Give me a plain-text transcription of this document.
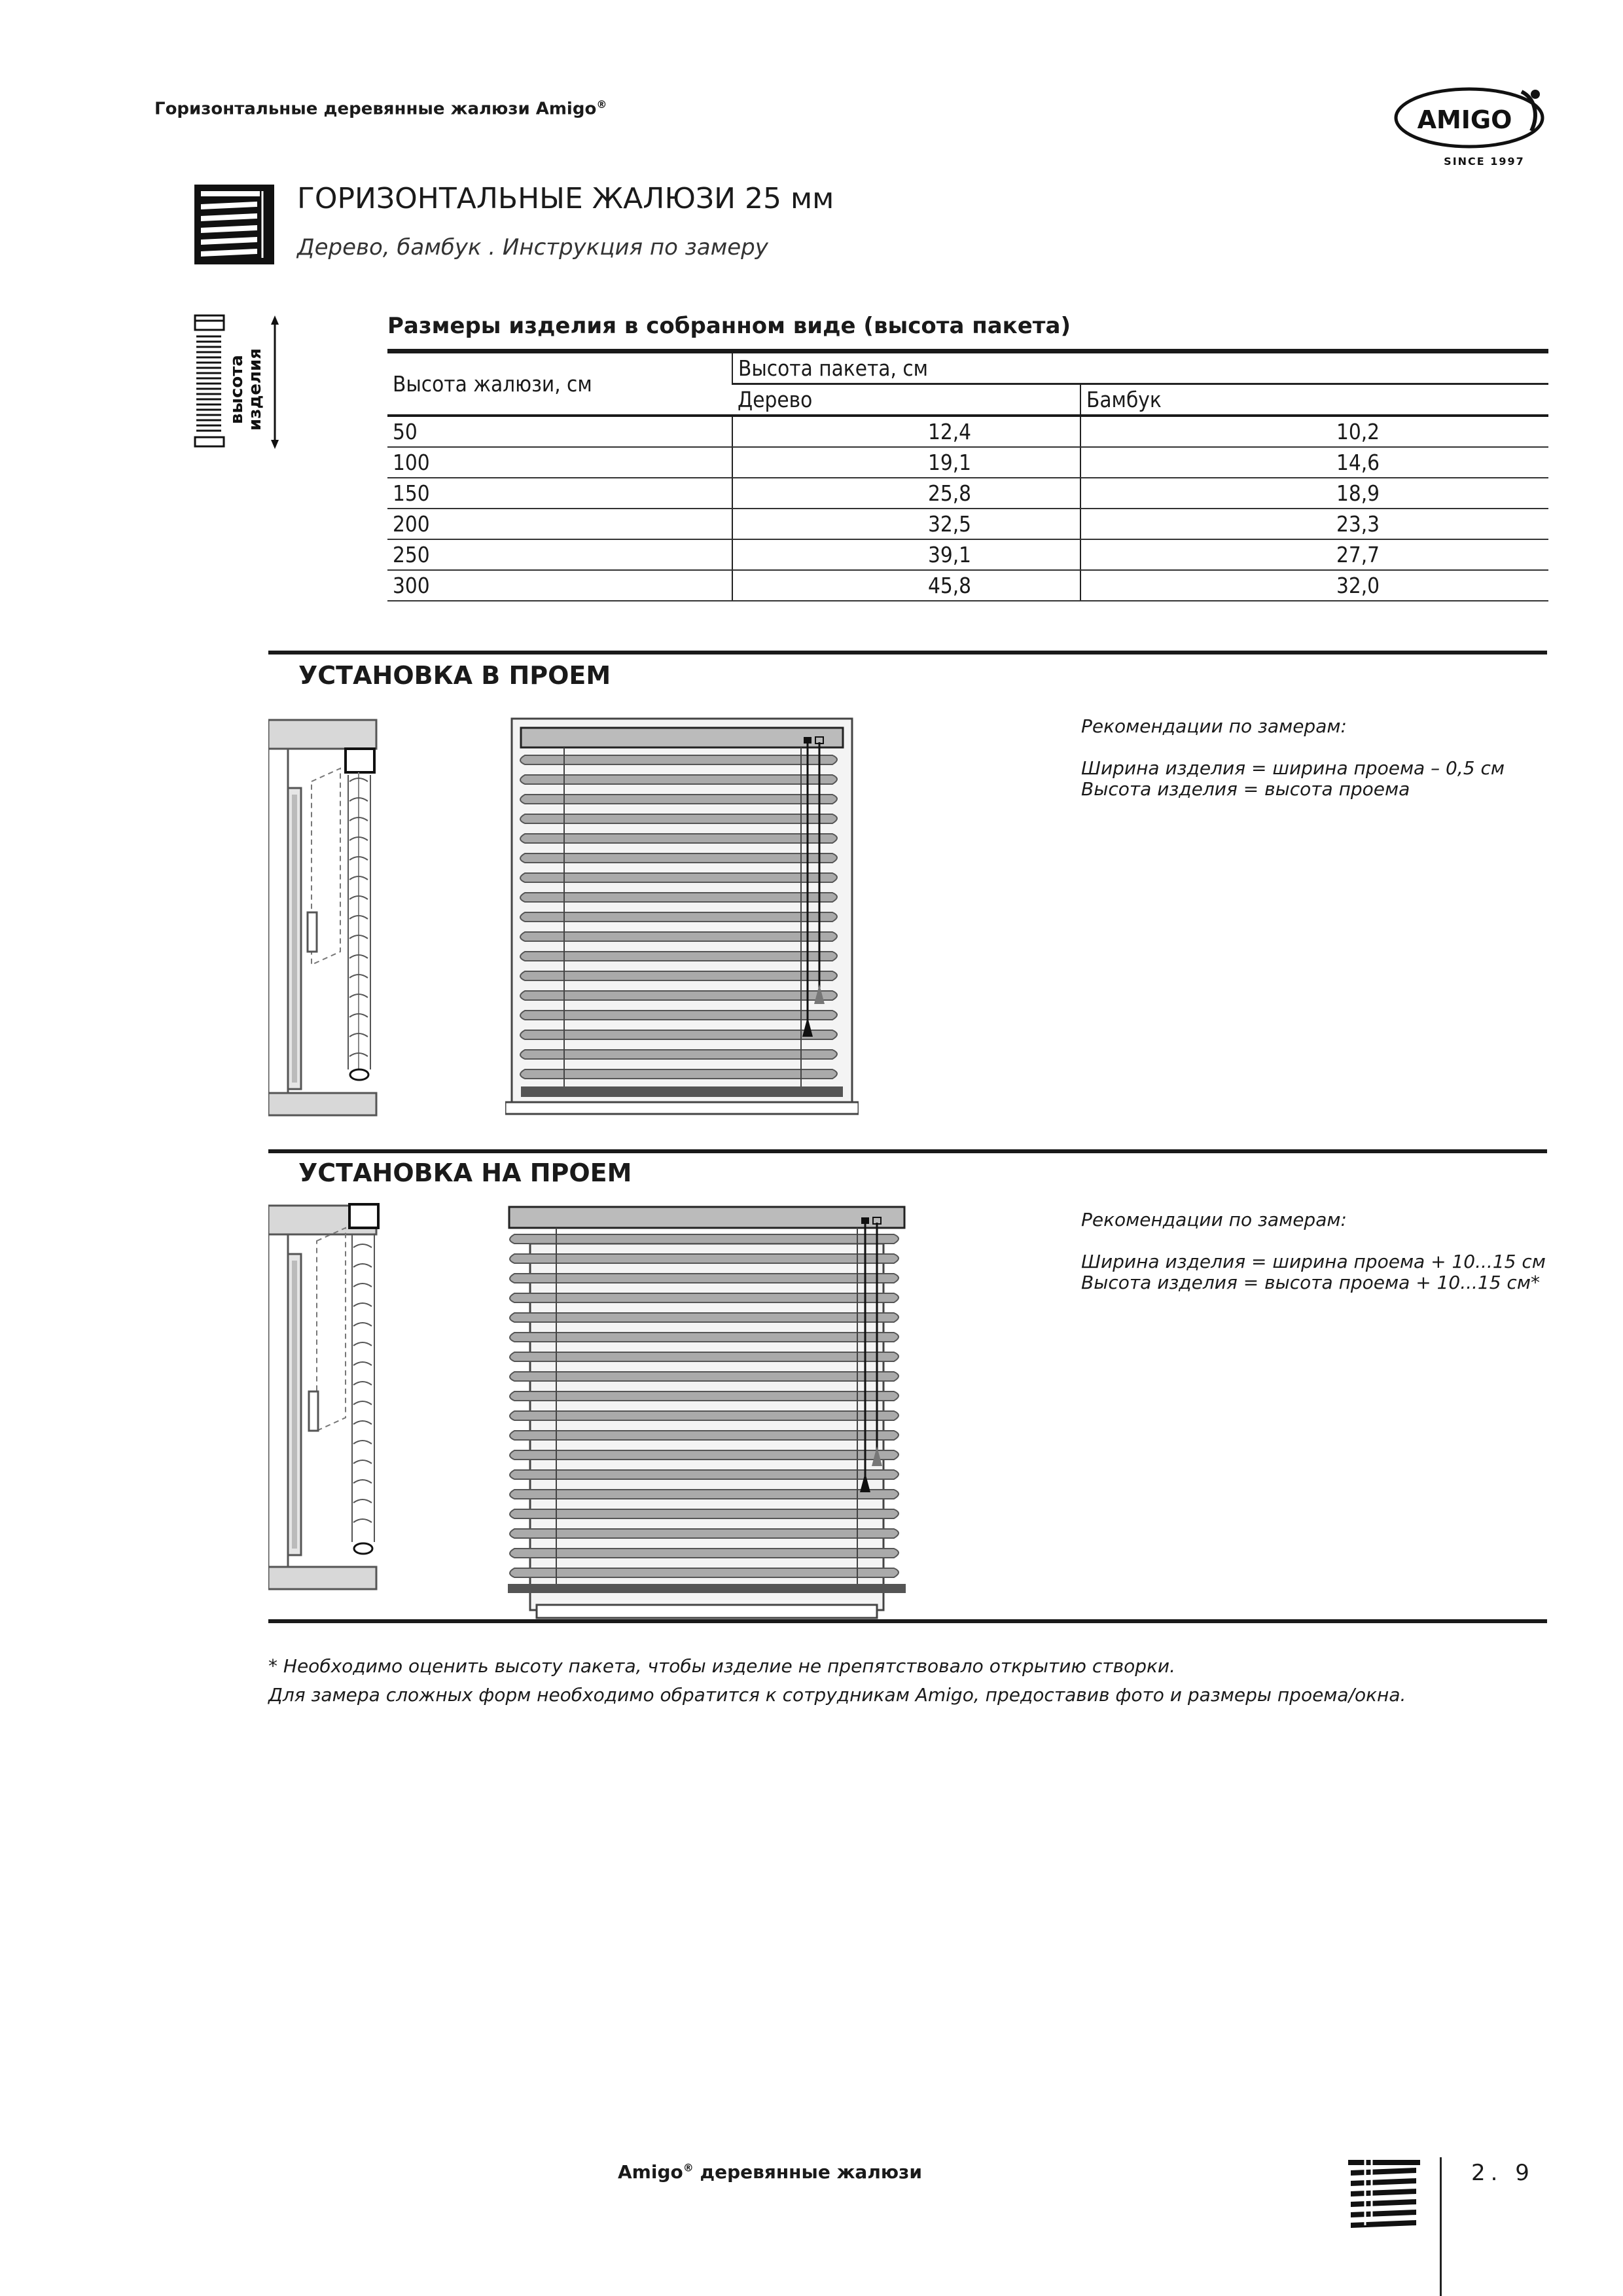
Горизонтальные деревянные жалюзи Amigo®
AMIGO
SINCE 1997
ГОРИЗОНТАЛЬНЫЕ ЖАЛЮЗИ 25 мм
Дерево, бамбук . Инструкция по замеру
высота
изделия
Размеры изделия в собранном виде (высота пакета)
Высота жалюзи, см	Высота пакета, см	
	Дерево	Бамбук
50	12,4	10,2
100	19,1	14,6
150	25,8	18,9
200	32,5	23,3
250	39,1	27,7
300	45,8	32,0
УСТАНОВКА В ПРОЕМ
Рекомендации по замерам:
Ширина изделия = ширина проема – 0,5 см
Высота изделия = высота проема
УСТАНОВКА НА ПРОЕМ
Рекомендации по замерам:
Ширина изделия = ширина проема + 10...15 см
Высота изделия = высота проема + 10...15 см*
* Необходимо оценить высоту пакета, чтобы изделие не препятствовало открытию створки.
Для замера сложных форм необходимо обратится к сотрудникам Amigo, предоставив фото и размеры проема/окна.
Amigo® деревянные жалюзи	2. 9
